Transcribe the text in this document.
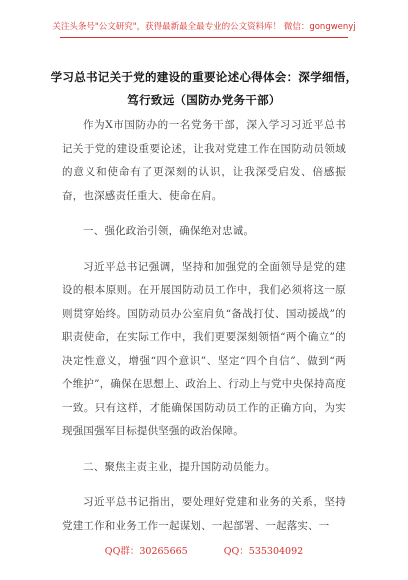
关注头条号"公文研究"，获得最新最全最专业的公文资料库！ 微信：gongwenyj
学习总书记关于党的建设的重要论述心得体会：深学细悟，
笃行致远（国防办党务干部）

作为X市国防办的一名党务干部，深入学习习近平总书记关于党的建设重要论述，让我对党建工作在国防动员领域的意义和使命有了更深刻的认识，让我深受启发、倍感振奋，也深感责任重大、使命在肩。

一、强化政治引领，确保绝对忠诚。

习近平总书记强调，坚持和加强党的全面领导是党的建设的根本原则。在开展国防动员工作中，我们必须将这一原则贯穿始终。国防动员办公室肩负“备战打仗、国动援战”的职责使命，在实际工作中，我们更要深刻领悟“两个确立”的决定性意义，增强“四个意识”、坚定“四个自信”、做到“两个维护”，确保在思想上、政治上、行动上与党中央保持高度一致。只有这样，才能确保国防动员工作的正确方向，为实现强国强军目标提供坚强的政治保障。

二、聚焦主责主业，提升国防动员能力。

习近平总书记指出，要处理好党建和业务的关系，坚持党建工作和业务工作一起谋划、一起部署、一起落实、一

QQ群：30265665	QQ：535304092
